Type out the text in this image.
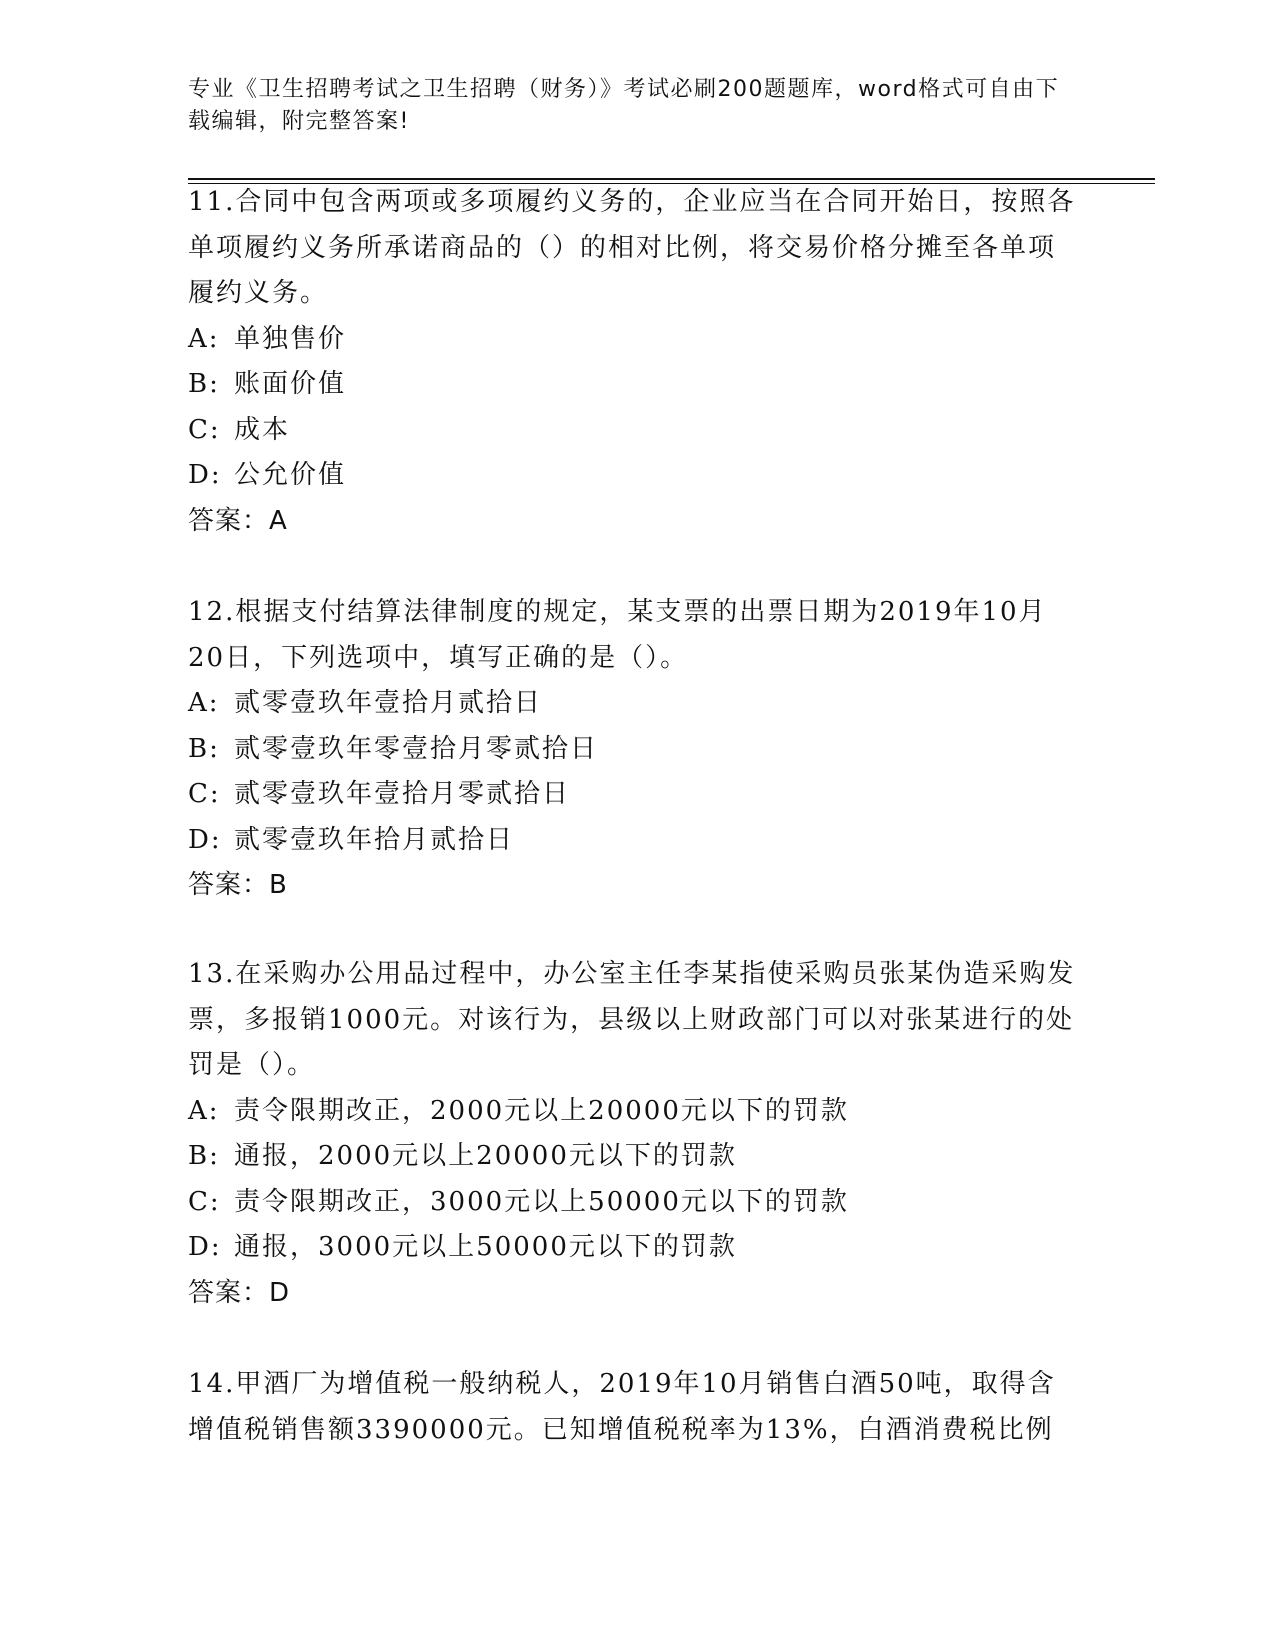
专业《卫生招聘考试之卫生招聘（财务）》考试必刷200题题库，word格式可自由下载编辑，附完整答案!

11.合同中包含两项或多项履约义务的，企业应当在合同开始日，按照各单项履约义务所承诺商品的（）的相对比例，将交易价格分摊至各单项履约义务。

A: 单独售价
B: 账面价值
C: 成本
D: 公允价值
答案：A

12.根据支付结算法律制度的规定，某支票的出票日期为2019年10月20日，下列选项中，填写正确的是（）。

A: 贰零壹玖年壹拾月贰拾日
B: 贰零壹玖年零壹拾月零贰拾日
C: 贰零壹玖年壹拾月零贰拾日
D: 贰零壹玖年拾月贰拾日
答案：B

13.在采购办公用品过程中，办公室主任李某指使采购员张某伪造采购发票，多报销1000元。对该行为，县级以上财政部门可以对张某进行的处罚是（）。

A: 责令限期改正，2000元以上20000元以下的罚款
B: 通报，2000元以上20000元以下的罚款
C: 责令限期改正，3000元以上50000元以下的罚款
D: 通报，3000元以上50000元以下的罚款
答案：D

14.甲酒厂为增值税一般纳税人，2019年10月销售白酒50吨，取得含增值税销售额3390000元。已知增值税税率为13%，白酒消费税比例
